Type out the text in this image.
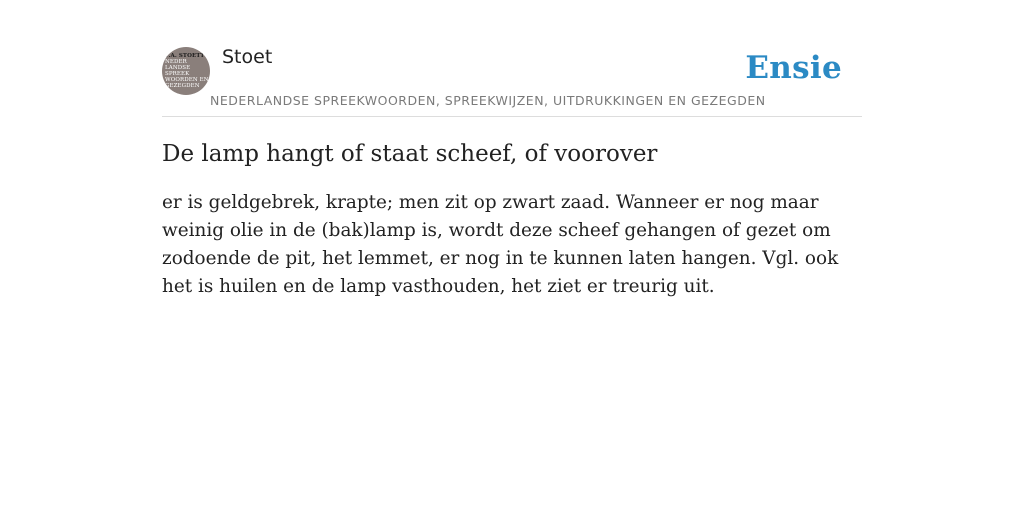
F.A. STOETT
NEDER
LANDSE
SPREEK
WOORDEN EN
GEZEGDEN
Stoet
NEDERLANDSE SPREEKWOORDEN, SPREEKWIJZEN, UITDRUKKINGEN EN GEZEGDEN
Ensie
De lamp hangt of staat scheef, of voorover

er is geldgebrek, krapte; men zit op zwart zaad. Wanneer er nog maar weinig olie in de (bak)lamp is, wordt deze scheef gehangen of gezet om zodoende de pit, het lemmet, er nog in te kunnen laten hangen. Vgl. ook het is huilen en de lamp vasthouden, het ziet er treurig uit.
